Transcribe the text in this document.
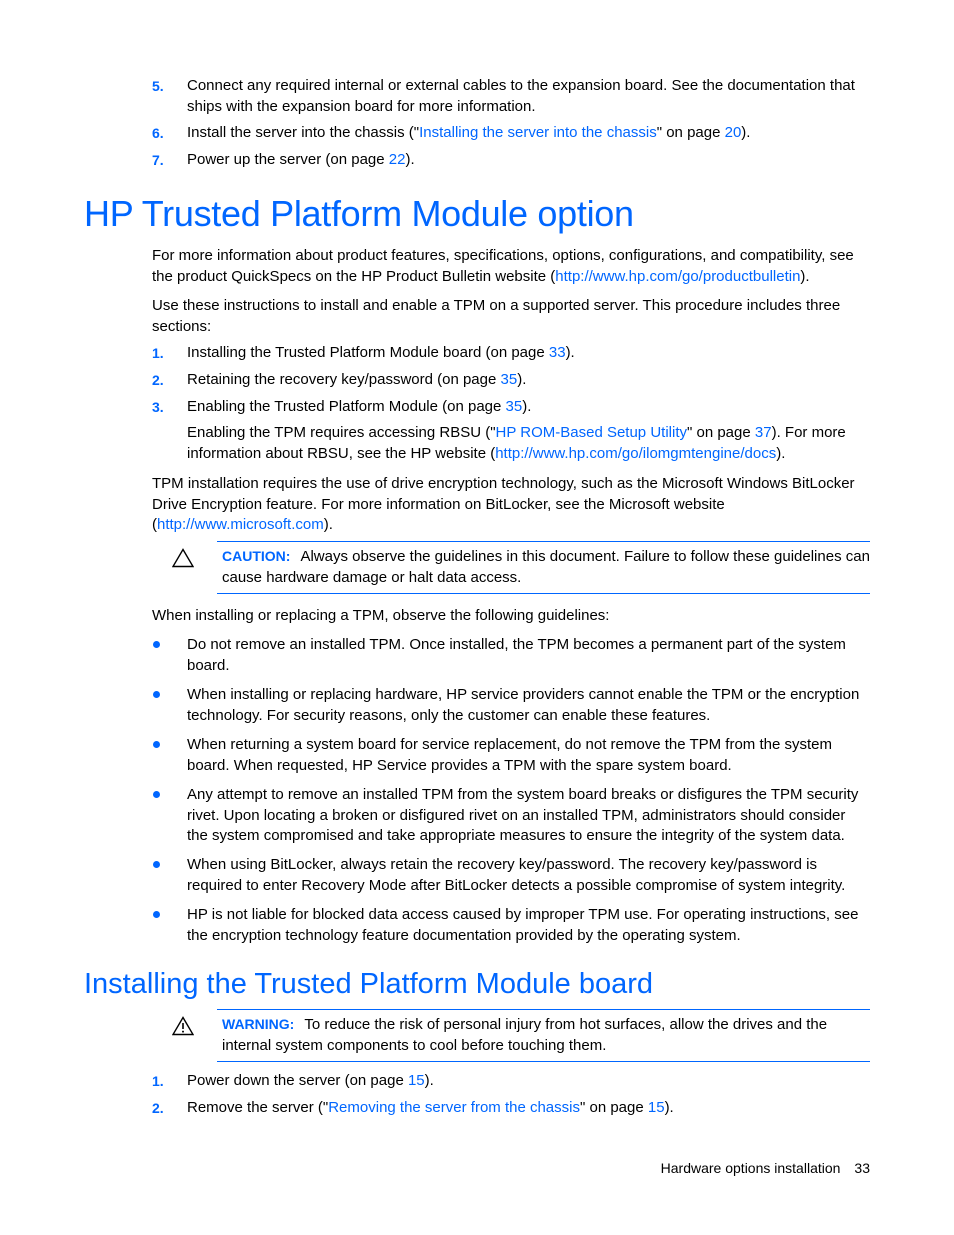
5. Connect any required internal or external cables to the expansion board. See the documentation that ships with the expansion board for more information.
6. Install the server into the chassis ("Installing the server into the chassis" on page 20).
7. Power up the server (on page 22).
HP Trusted Platform Module option
For more information about product features, specifications, options, configurations, and compatibility, see the product QuickSpecs on the HP Product Bulletin website (http://www.hp.com/go/productbulletin).
Use these instructions to install and enable a TPM on a supported server. This procedure includes three sections:
1. Installing the Trusted Platform Module board (on page 33).
2. Retaining the recovery key/password (on page 35).
3. Enabling the Trusted Platform Module (on page 35).
Enabling the TPM requires accessing RBSU ("HP ROM-Based Setup Utility" on page 37). For more information about RBSU, see the HP website (http://www.hp.com/go/ilomgmtengine/docs).
TPM installation requires the use of drive encryption technology, such as the Microsoft Windows BitLocker Drive Encryption feature. For more information on BitLocker, see the Microsoft website (http://www.microsoft.com).
CAUTION: Always observe the guidelines in this document. Failure to follow these guidelines can cause hardware damage or halt data access.
When installing or replacing a TPM, observe the following guidelines:
Do not remove an installed TPM. Once installed, the TPM becomes a permanent part of the system board.
When installing or replacing hardware, HP service providers cannot enable the TPM or the encryption technology. For security reasons, only the customer can enable these features.
When returning a system board for service replacement, do not remove the TPM from the system board. When requested, HP Service provides a TPM with the spare system board.
Any attempt to remove an installed TPM from the system board breaks or disfigures the TPM security rivet. Upon locating a broken or disfigured rivet on an installed TPM, administrators should consider the system compromised and take appropriate measures to ensure the integrity of the system data.
When using BitLocker, always retain the recovery key/password. The recovery key/password is required to enter Recovery Mode after BitLocker detects a possible compromise of system integrity.
HP is not liable for blocked data access caused by improper TPM use. For operating instructions, see the encryption technology feature documentation provided by the operating system.
Installing the Trusted Platform Module board
WARNING: To reduce the risk of personal injury from hot surfaces, allow the drives and the internal system components to cool before touching them.
1. Power down the server (on page 15).
2. Remove the server ("Removing the server from the chassis" on page 15).
Hardware options installation 33
